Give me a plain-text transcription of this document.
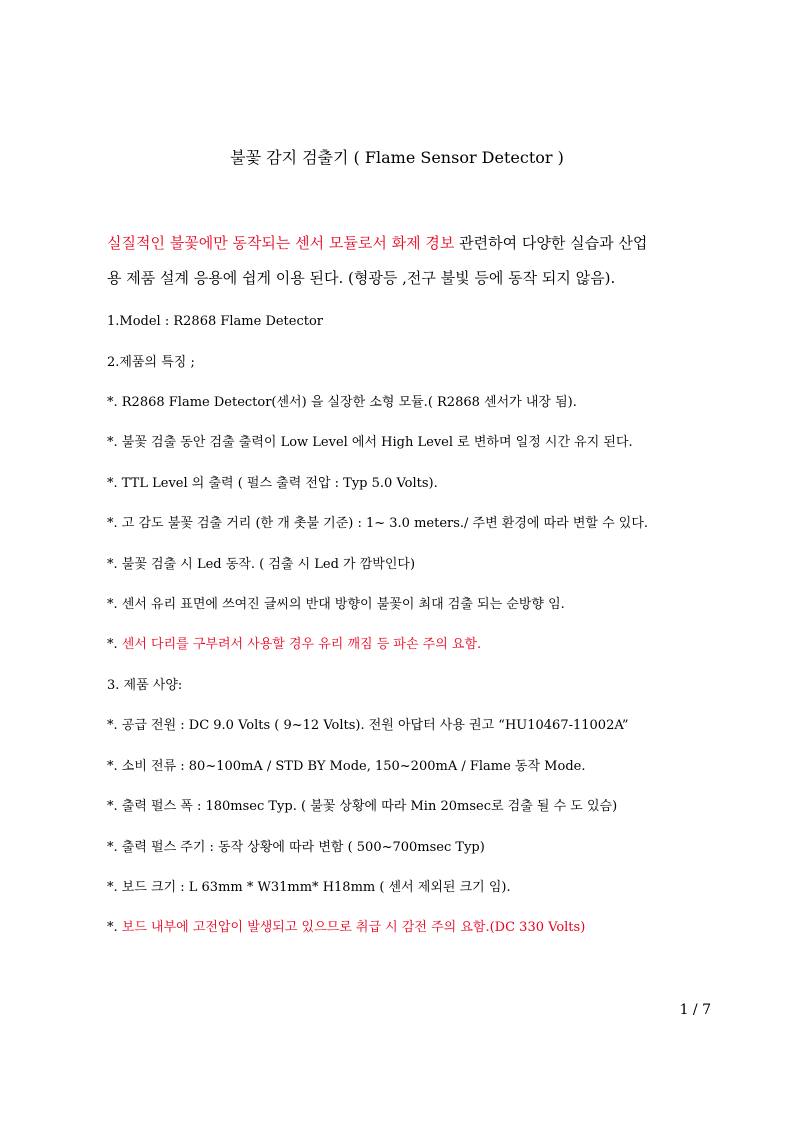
불꽃 감지 검출기 ( Flame Sensor Detector )
실질적인 불꽃에만 동작되는 센서 모듈로서 화제 경보 관련하여 다양한 실습과 산업
용 제품 설계 응용에 쉽게 이용 된다. (형광등 ,전구 불빛 등에 동작 되지 않음).
1.Model : R2868 Flame Detector
2.제품의 특징 ;
*. R2868 Flame Detector(센서) 을 실장한 소형 모듈.( R2868 센서가 내장 됨).
*. 불꽃 검출 동안 검출 출력이 Low Level 에서 High Level 로 변하며 일정 시간 유지 된다.
*. TTL Level 의 출력 ( 펄스 출력 전압 : Typ 5.0 Volts).
*. 고 감도 불꽃 검출 거리 (한 개 촛불 기준) : 1~ 3.0 meters./ 주변 환경에 따라 변할 수 있다.
*. 불꽃 검출 시 Led 동작. ( 검출 시 Led 가 깜박인다)
*. 센서 유리 표면에 쓰여진 글씨의 반대 방향이 불꽃이 최대 검출 되는 순방향 임.
*. 센서 다리를 구부려서 사용할 경우 유리 깨짐 등 파손 주의 요함.
3. 제품 사양:
*. 공급 전원 : DC 9.0 Volts ( 9~12 Volts). 전원 아답터 사용 권고 “HU10467-11002A”
*. 소비 전류 : 80~100mA / STD BY Mode, 150~200mA / Flame 동작 Mode.
*. 출력 펄스 폭 : 180msec Typ. ( 불꽃 상황에 따라 Min 20msec로 검출 될 수 도 있슴)
*. 출력 펄스 주기 : 동작 상황에 따라 변함 ( 500~700msec Typ)
*. 보드 크기 : L 63mm * W31mm* H18mm ( 센서 제외된 크기 임).
*. 보드 내부에 고전압이 발생되고 있으므로 취급 시 감전 주의 요함.(DC 330 Volts)
1 / 7
